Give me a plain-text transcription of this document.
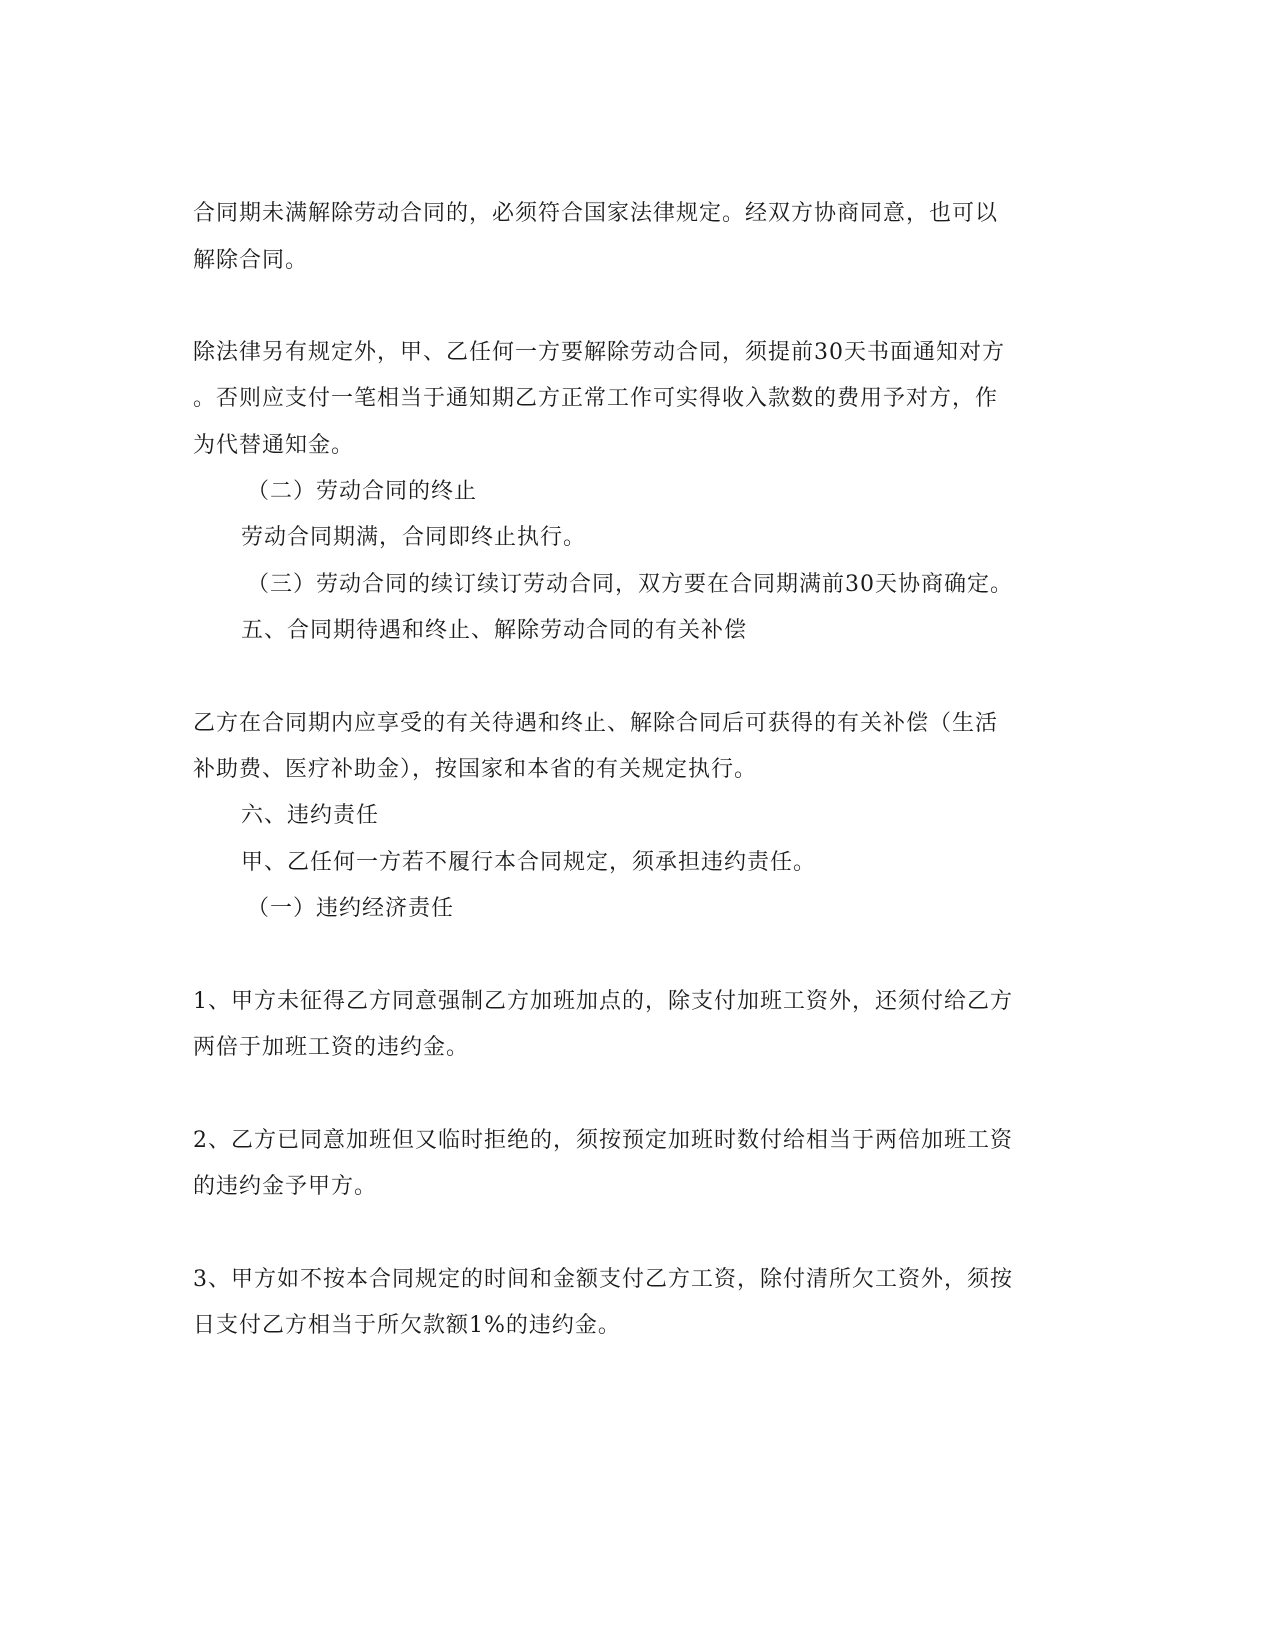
合同期未满解除劳动合同的，必须符合国家法律规定。经双方协商同意，也可以
解除合同。
除法律另有规定外，甲、乙任何一方要解除劳动合同，须提前30天书面通知对方
。否则应支付一笔相当于通知期乙方正常工作可实得收入款数的费用予对方，作
为代替通知金。
（二）劳动合同的终止
劳动合同期满，合同即终止执行。
（三）劳动合同的续订续订劳动合同，双方要在合同期满前30天协商确定。
五、合同期待遇和终止、解除劳动合同的有关补偿
乙方在合同期内应享受的有关待遇和终止、解除合同后可获得的有关补偿（生活
补助费、医疗补助金），按国家和本省的有关规定执行。
六、违约责任
甲、乙任何一方若不履行本合同规定，须承担违约责任。
（一）违约经济责任
1、甲方未征得乙方同意强制乙方加班加点的，除支付加班工资外，还须付给乙方
两倍于加班工资的违约金。
2、乙方已同意加班但又临时拒绝的，须按预定加班时数付给相当于两倍加班工资
的违约金予甲方。
3、甲方如不按本合同规定的时间和金额支付乙方工资，除付清所欠工资外，须按
日支付乙方相当于所欠款额1%的违约金。
